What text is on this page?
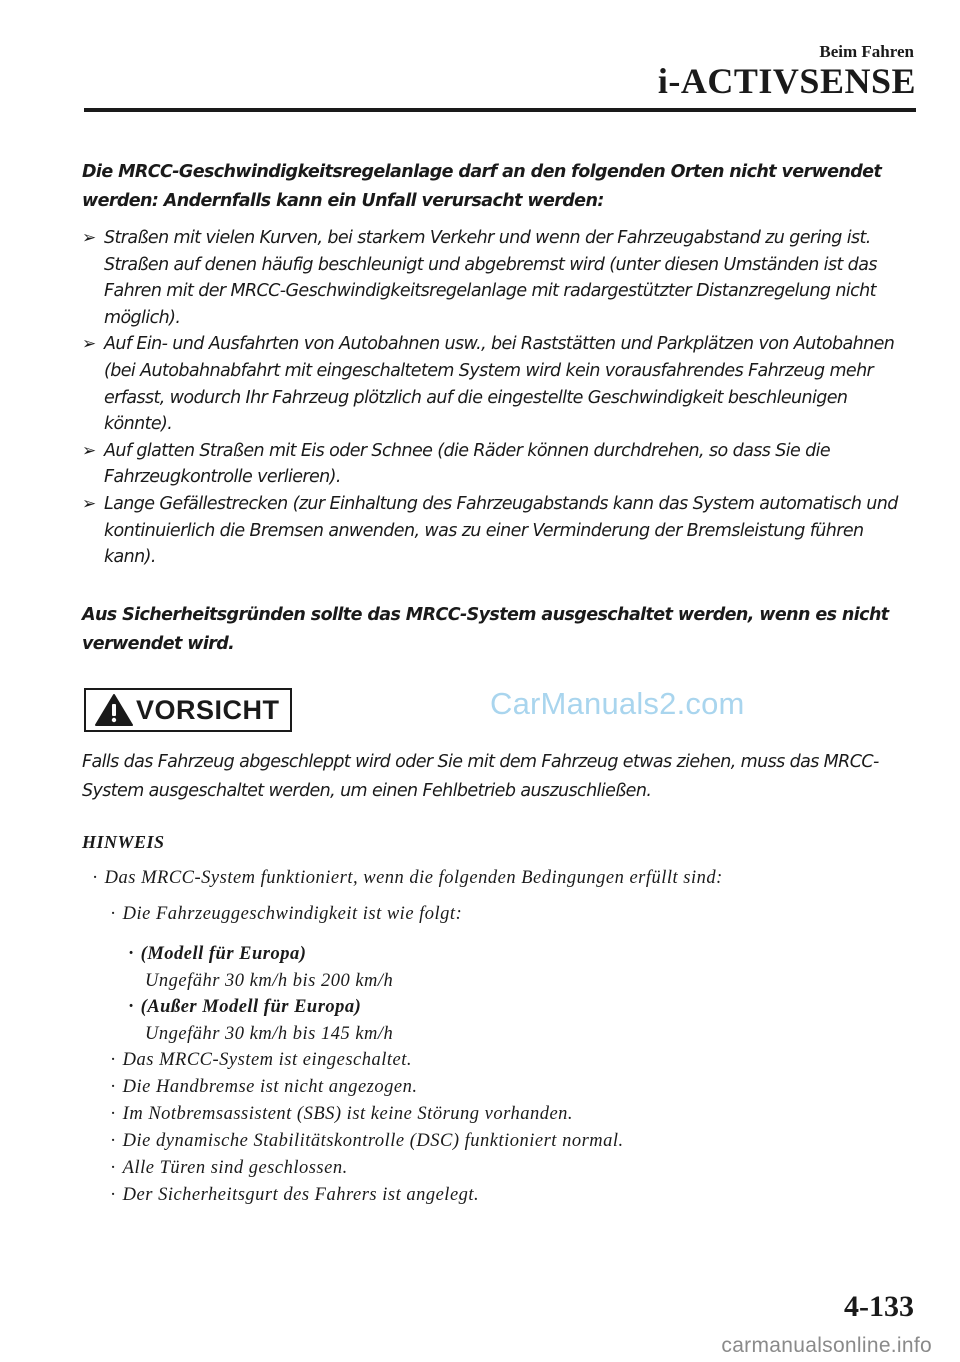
Beim Fahren
i-ACTIVSENSE
Die MRCC-Geschwindigkeitsregelanlage darf an den folgenden Orten nicht verwendet werden: Andernfalls kann ein Unfall verursacht werden:
➢ Straßen mit vielen Kurven, bei starkem Verkehr und wenn der Fahrzeugabstand zu gering ist. Straßen auf denen häufig beschleunigt und abgebremst wird (unter diesen Umständen ist das Fahren mit der MRCC-Geschwindigkeitsregelanlage mit radargestützter Distanzregelung nicht möglich).
➢ Auf Ein- und Ausfahrten von Autobahnen usw., bei Raststätten und Parkplätzen von Autobahnen (bei Autobahnabfahrt mit eingeschaltetem System wird kein vorausfahrendes Fahrzeug mehr erfasst, wodurch Ihr Fahrzeug plötzlich auf die eingestellte Geschwindigkeit beschleunigen könnte).
➢ Auf glatten Straßen mit Eis oder Schnee (die Räder können durchdrehen, so dass Sie die Fahrzeugkontrolle verlieren).
➢ Lange Gefällestrecken (zur Einhaltung des Fahrzeugabstands kann das System automatisch und kontinuierlich die Bremsen anwenden, was zu einer Verminderung der Bremsleistung führen kann).
Aus Sicherheitsgründen sollte das MRCC-System ausgeschaltet werden, wenn es nicht verwendet wird.
VORSICHT	CarManuals2.com
Falls das Fahrzeug abgeschleppt wird oder Sie mit dem Fahrzeug etwas ziehen, muss das MRCC-System ausgeschaltet werden, um einen Fehlbetrieb auszuschließen.
HINWEIS
· Das MRCC-System funktioniert, wenn die folgenden Bedingungen erfüllt sind:
· Die Fahrzeuggeschwindigkeit ist wie folgt:
· (Modell für Europa)
Ungefähr 30 km/h bis 200 km/h
· (Außer Modell für Europa)
Ungefähr 30 km/h bis 145 km/h
· Das MRCC-System ist eingeschaltet.
· Die Handbremse ist nicht angezogen.
· Im Notbremsassistent (SBS) ist keine Störung vorhanden.
· Die dynamische Stabilitätskontrolle (DSC) funktioniert normal.
· Alle Türen sind geschlossen.
· Der Sicherheitsgurt des Fahrers ist angelegt.
4-133
carmanualsonline.info
